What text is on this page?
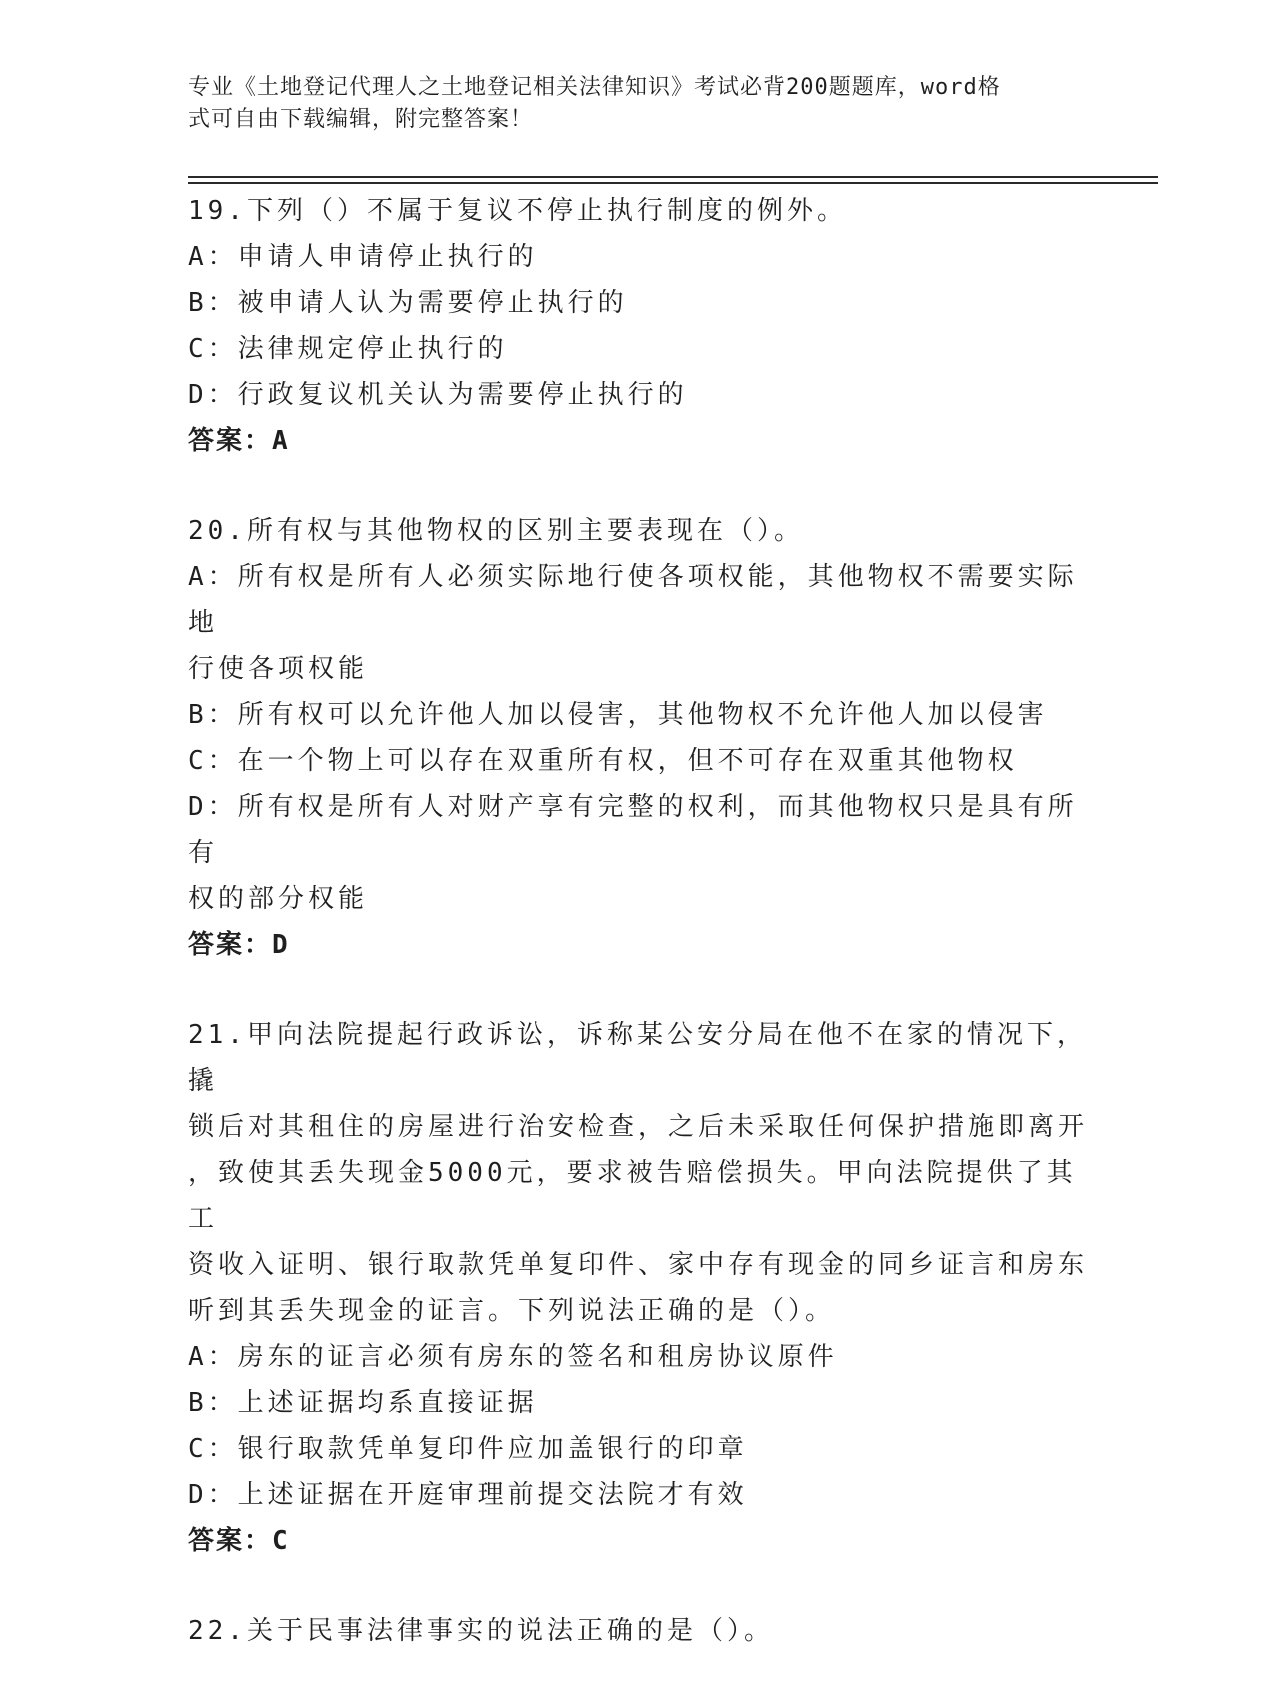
专业《土地登记代理人之土地登记相关法律知识》考试必背200题题库，word格
式可自由下载编辑，附完整答案！
19.下列（）不属于复议不停止执行制度的例外。
A：申请人申请停止执行的
B：被申请人认为需要停止执行的
C：法律规定停止执行的
D：行政复议机关认为需要停止执行的
答案：A
20.所有权与其他物权的区别主要表现在（）。
A：所有权是所有人必须实际地行使各项权能，其他物权不需要实际地
行使各项权能
B：所有权可以允许他人加以侵害，其他物权不允许他人加以侵害
C：在一个物上可以存在双重所有权，但不可存在双重其他物权
D：所有权是所有人对财产享有完整的权利，而其他物权只是具有所有
权的部分权能
答案：D
21.甲向法院提起行政诉讼，诉称某公安分局在他不在家的情况下，撬
锁后对其租住的房屋进行治安检查，之后未采取任何保护措施即离开
，致使其丢失现金5000元，要求被告赔偿损失。甲向法院提供了其工
资收入证明、银行取款凭单复印件、家中存有现金的同乡证言和房东
听到其丢失现金的证言。下列说法正确的是（）。
A：房东的证言必须有房东的签名和租房协议原件
B：上述证据均系直接证据
C：银行取款凭单复印件应加盖银行的印章
D：上述证据在开庭审理前提交法院才有效
答案：C
22.关于民事法律事实的说法正确的是（）。
